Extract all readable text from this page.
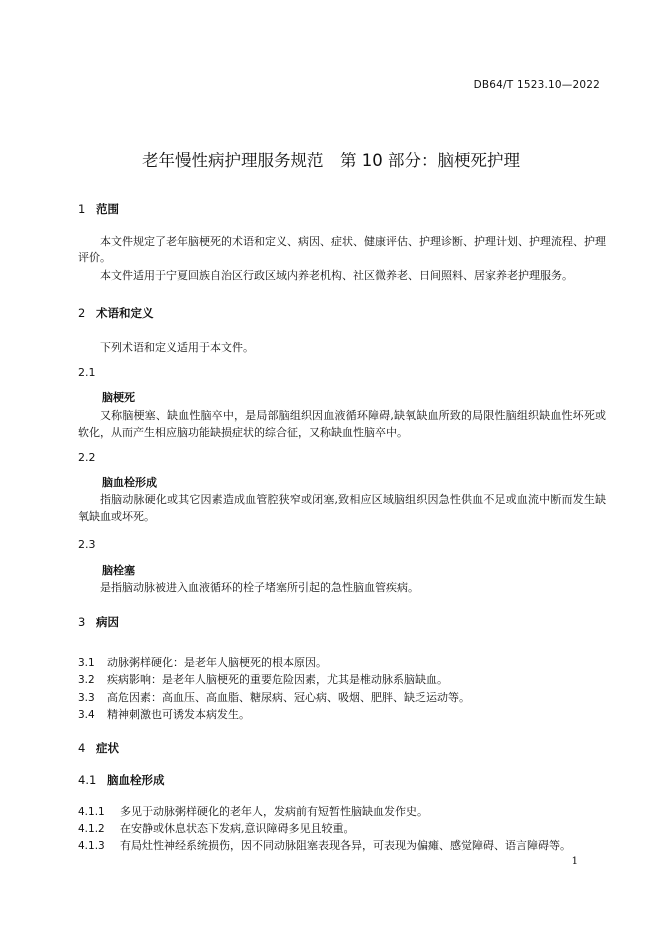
DB64/T 1523.10—2022
老年慢性病护理服务规范　第 10 部分：脑梗死护理
1 范围
本文件规定了老年脑梗死的术语和定义、病因、症状、健康评估、护理诊断、护理计划、护理流程、护理评价。
本文件适用于宁夏回族自治区行政区域内养老机构、社区微养老、日间照料、居家养老护理服务。
2 术语和定义
下列术语和定义适用于本文件。
2.1
脑梗死
又称脑梗塞、缺血性脑卒中，是局部脑组织因血液循环障碍,缺氧缺血所致的局限性脑组织缺血性坏死或软化，从而产生相应脑功能缺损症状的综合征，又称缺血性脑卒中。
2.2
脑血栓形成
指脑动脉硬化或其它因素造成血管腔狭窄或闭塞,致相应区域脑组织因急性供血不足或血流中断而发生缺氧缺血或坏死。
2.3
脑栓塞
是指脑动脉被进入血液循环的栓子堵塞所引起的急性脑血管疾病。
3 病因
3.1 动脉粥样硬化：是老年人脑梗死的根本原因。
3.2 疾病影响：是老年人脑梗死的重要危险因素，尤其是椎动脉系脑缺血。
3.3 高危因素：高血压、高血脂、糖尿病、冠心病、吸烟、肥胖、缺乏运动等。
3.4 精神刺激也可诱发本病发生。
4 症状
4.1 脑血栓形成
4.1.1 多见于动脉粥样硬化的老年人，发病前有短暂性脑缺血发作史。
4.1.2 在安静或休息状态下发病,意识障碍多见且较重。
4.1.3 有局灶性神经系统损伤，因不同动脉阻塞表现各异，可表现为偏瘫、感觉障碍、语言障碍等。
1
